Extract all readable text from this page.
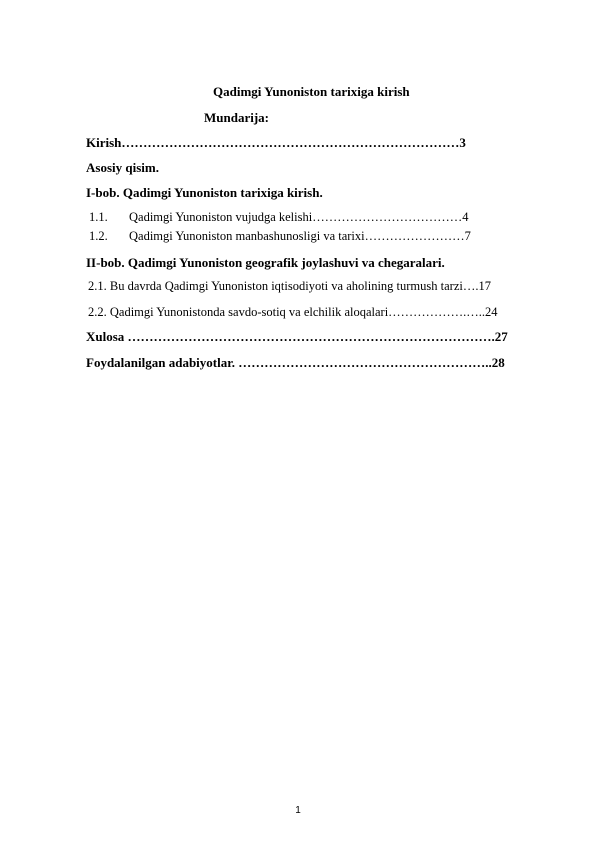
Qadimgi Yunoniston tarixiga kirish
Mundarija:
Kirish……………………………………………………………………3
Asosiy qisim.
I-bob. Qadimgi Yunoniston tarixiga kirish.
1.1. Qadimgi Yunoniston vujudga kelishi………………………………4
1.2. Qadimgi Yunoniston manbashunosligi va tarixi……………………7
II-bob. Qadimgi Yunoniston geografik joylashuvi va chegaralari.
2.1. Bu davrda Qadimgi Yunoniston iqtisodiyoti va aholining turmush tarzi….17
2.2. Qadimgi Yunonistonda savdo-sotiq va elchilik aloqalari……………….…..24
Xulosa ………………………………………………………………………….27
Foydalanilgan adabiyotlar. …………………………………………………..28
1
